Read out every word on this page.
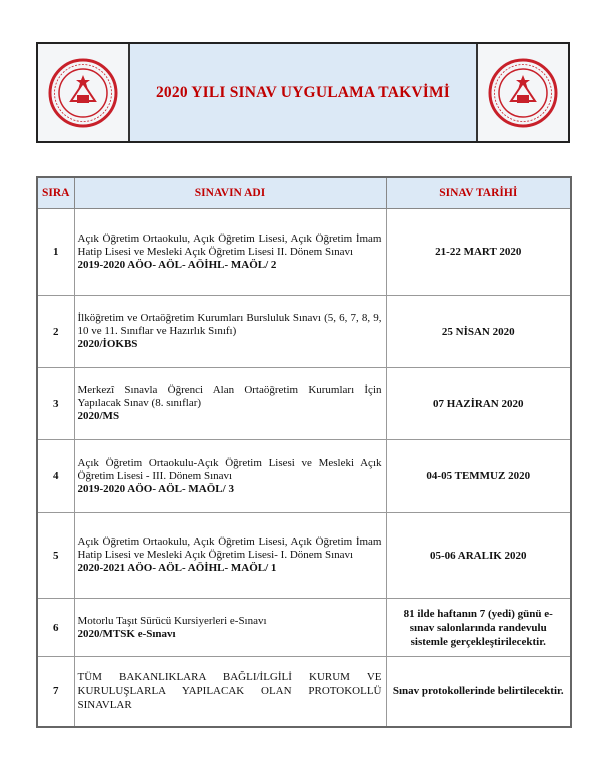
2020 YILI SINAV UYGULAMA TAKVİMİ
SIRA	SINAVIN ADI	SINAV TARİHİ
1	Açık Öğretim Ortaokulu, Açık Öğretim Lisesi, Açık Öğretim İmam Hatip Lisesi ve Mesleki Açık Öğretim Lisesi II. Dönem Sınavı
2019-2020 AÖO- AÖL- AÖİHL- MAÖL/ 2	21-22 MART 2020
2	İlköğretim ve Ortaöğretim Kurumları Bursluluk Sınavı (5, 6, 7, 8, 9, 10 ve 11. Sınıflar ve Hazırlık Sınıfı)
2020/İOKBS	25 NİSAN 2020
3	Merkezî Sınavla Öğrenci Alan Ortaöğretim Kurumları İçin Yapılacak Sınav (8. sınıflar)
2020/MS	07 HAZİRAN 2020
4	Açık Öğretim Ortaokulu-Açık Öğretim Lisesi ve Mesleki Açık Öğretim Lisesi - III. Dönem Sınavı
2019-2020 AÖO- AÖL- MAÖL/ 3	04-05 TEMMUZ 2020
5	Açık Öğretim Ortaokulu, Açık Öğretim Lisesi, Açık Öğretim İmam Hatip Lisesi ve Mesleki Açık Öğretim Lisesi- I. Dönem Sınavı
2020-2021 AÖO- AÖL- AÖİHL- MAÖL/ 1	05-06 ARALIK 2020
6	Motorlu Taşıt Sürücü Kursiyerleri e-Sınavı
2020/MTSK e-Sınavı	81 ilde haftanın 7 (yedi) günü e-sınav salonlarında randevulu sistemle gerçekleştirilecektir.
7	TÜM BAKANLIKLARA BAĞLI/İLGİLİ KURUM VE KURULUŞLARLA YAPILACAK OLAN PROTOKOLLÜ SINAVLAR	Sınav protokollerinde belirtilecektir.
